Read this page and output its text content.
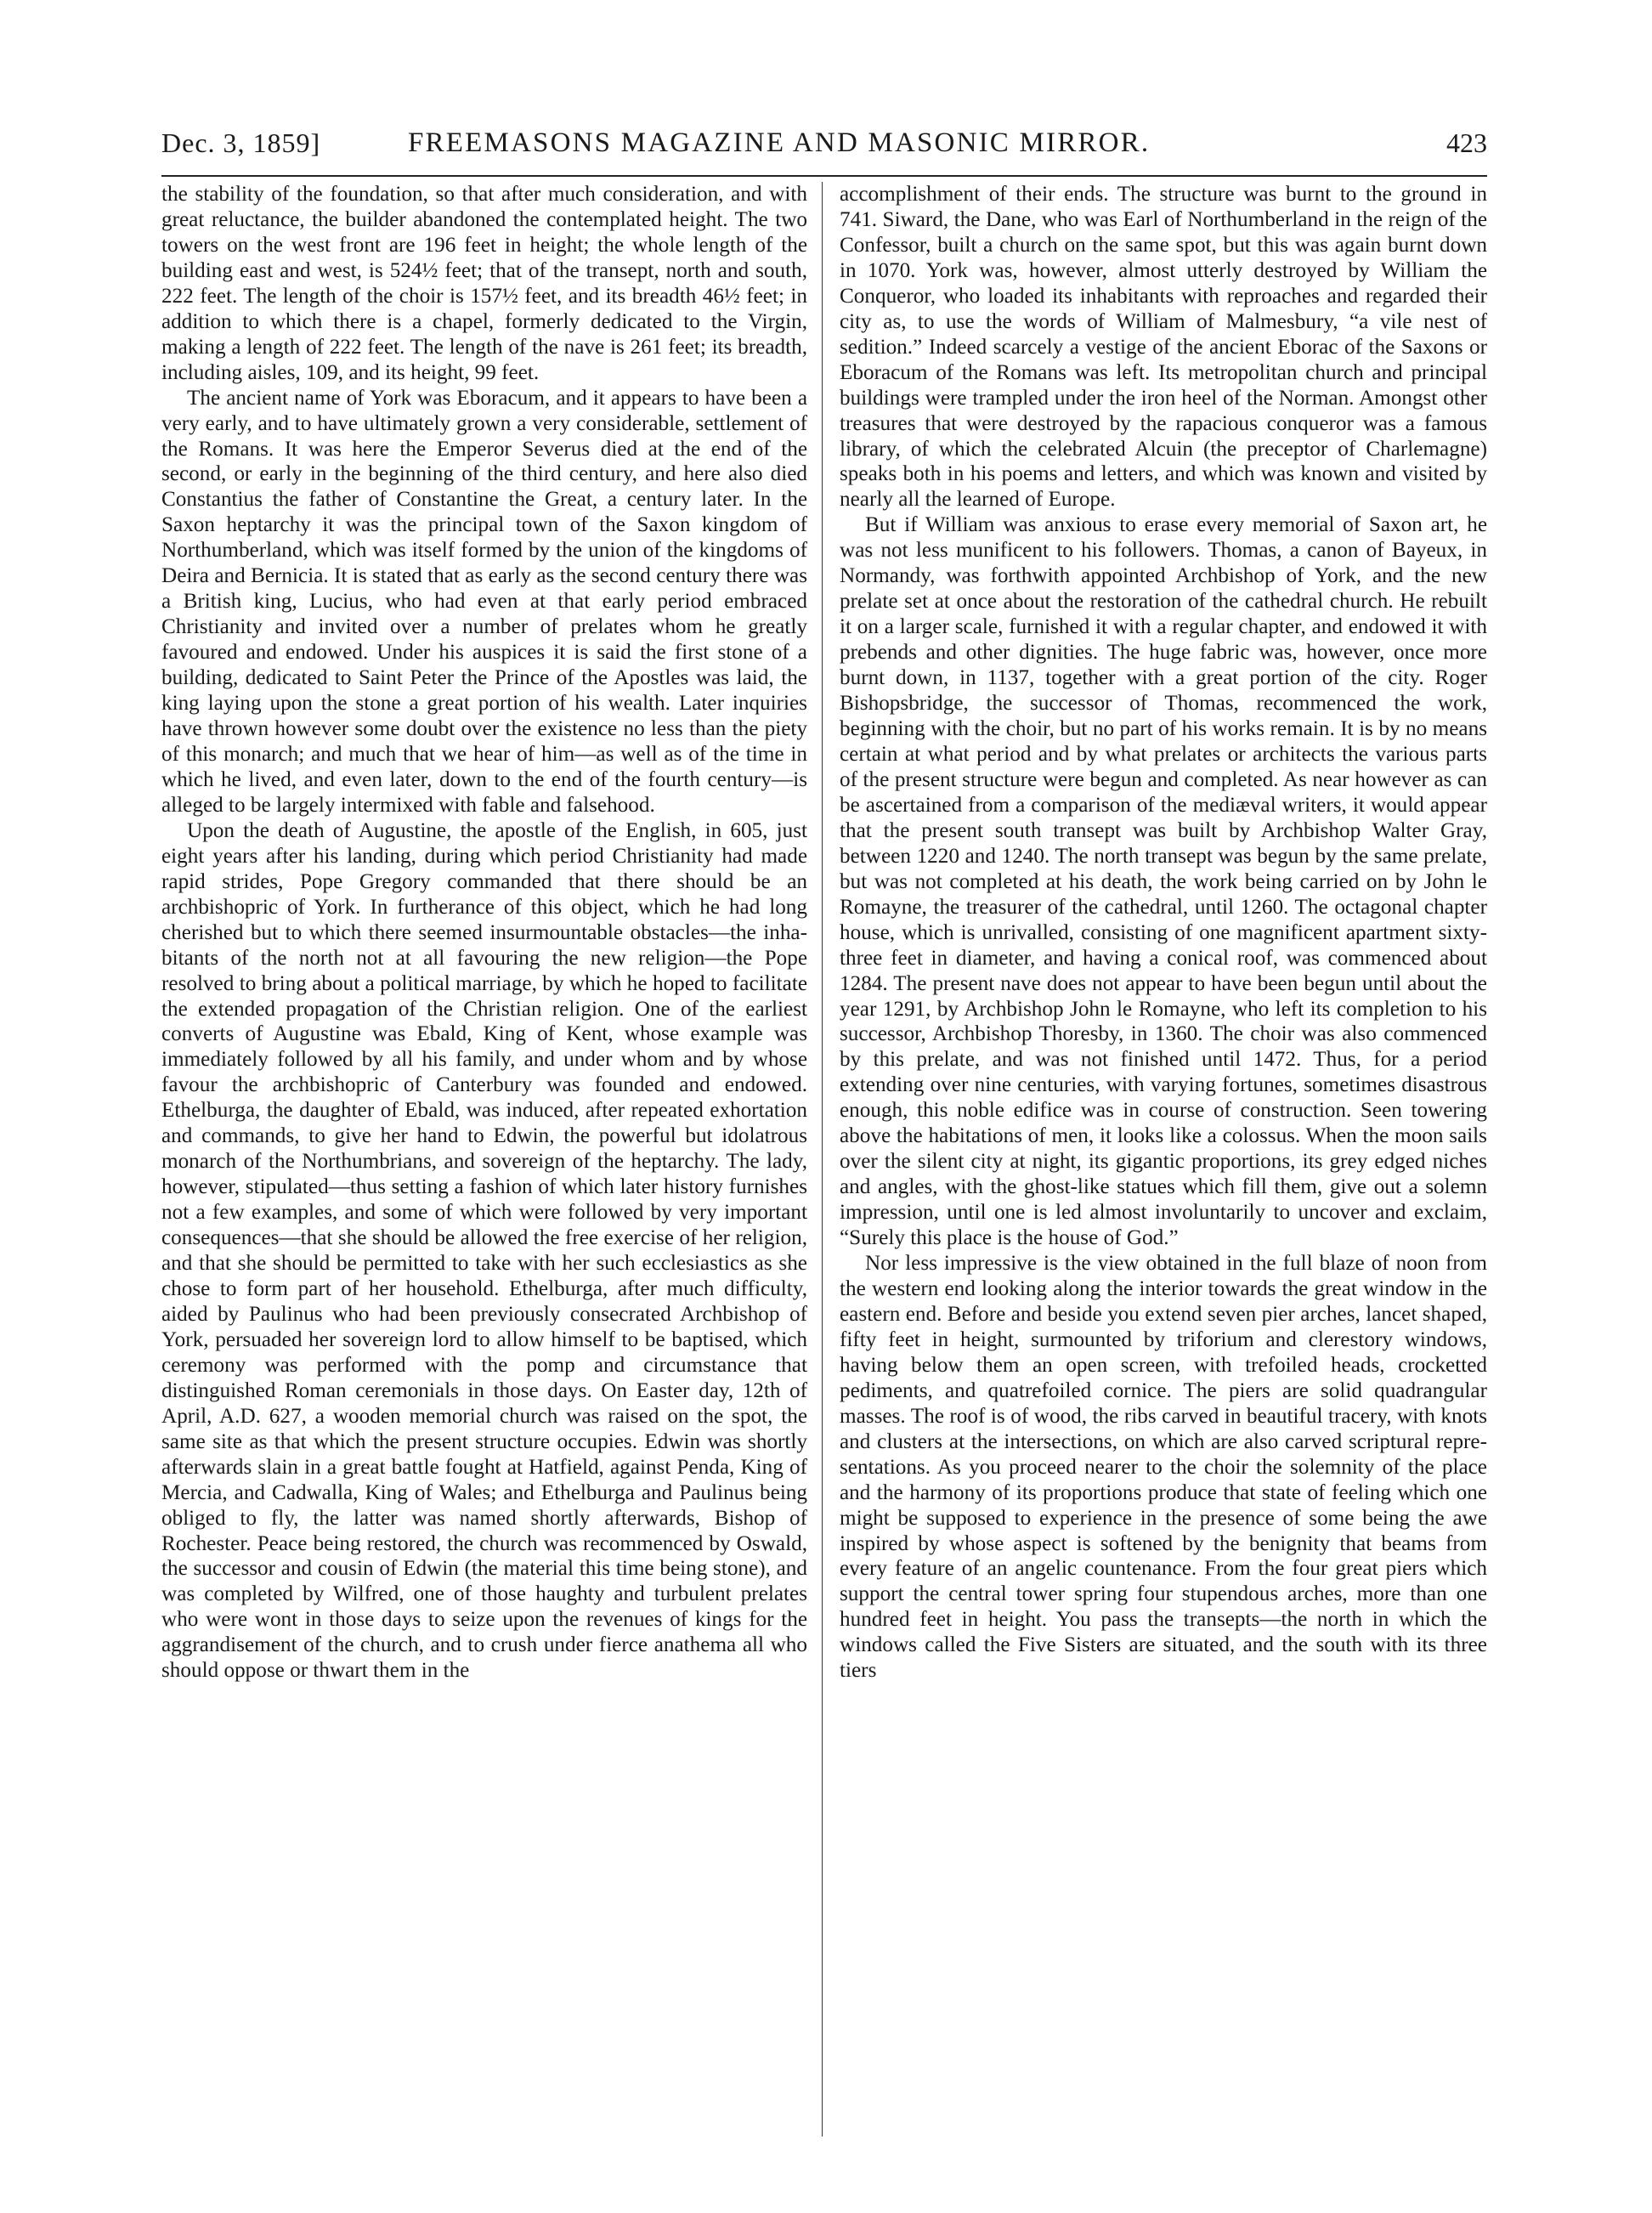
Dec. 3, 1859]	FREEMASONS MAGAZINE AND MASONIC MIRROR.	423

the stability of the foundation, so that after much consideration, and with great reluctance, the builder abandoned the contemplated height. The two towers on the west front are 196 feet in height; the whole length of the building east and west, is 524½ feet; that of the transept, north and south, 222 feet. The length of the choir is 157½ feet, and its breadth 46½ feet; in addition to which there is a chapel, formerly dedicated to the Virgin, making a length of 222 feet. The length of the nave is 261 feet; its breadth, including aisles, 109, and its height, 99 feet.

The ancient name of York was Eboracum, and it appears to have been a very early, and to have ultimately grown a very considerable, settlement of the Romans. It was here the Emperor Severus died at the end of the second, or early in the beginning of the third century, and here also died Constantius the father of Constantine the Great, a century later. In the Saxon heptarchy it was the principal town of the Saxon kingdom of Northumberland, which was itself formed by the union of the kingdoms of Deira and Bernicia. It is stated that as early as the second century there was a British king, Lucius, who had even at that early period embraced Christianity and invited over a number of prelates whom he greatly favoured and endowed. Under his auspices it is said the first stone of a building, dedicated to Saint Peter the Prince of the Apostles was laid, the king laying upon the stone a great portion of his wealth. Later inquiries have thrown however some doubt over the existence no less than the piety of this monarch; and much that we hear of him—as well as of the time in which he lived, and even later, down to the end of the fourth century—is alleged to be largely intermixed with fable and falsehood.

Upon the death of Augustine, the apostle of the English, in 605, just eight years after his landing, during which period Christianity had made rapid strides, Pope Gregory commanded that there should be an archbishopric of York. In furtherance of this object, which he had long cherished but to which there seemed insurmountable obstacles—the inhabitants of the north not at all favouring the new religion—the Pope resolved to bring about a political marriage, by which he hoped to facilitate the extended propagation of the Christian religion. One of the earliest converts of Augustine was Ebald, King of Kent, whose example was immediately followed by all his family, and under whom and by whose favour the archbishopric of Canterbury was founded and endowed. Ethelburga, the daughter of Ebald, was induced, after repeated exhortation and commands, to give her hand to Edwin, the powerful but idolatrous monarch of the Northumbrians, and sovereign of the heptarchy. The lady, however, stipulated—thus setting a fashion of which later history furnishes not a few examples, and some of which were followed by very important consequences—that she should be allowed the free exercise of her religion, and that she should be permitted to take with her such ecclesiastics as she chose to form part of her household. Ethelburga, after much difficulty, aided by Paulinus who had been previously consecrated Archbishop of York, persuaded her sovereign lord to allow himself to be baptised, which ceremony was performed with the pomp and circumstance that distinguished Roman ceremonials in those days. On Easter day, 12th of April, A.D. 627, a wooden memorial church was raised on the spot, the same site as that which the present structure occupies. Edwin was shortly afterwards slain in a great battle fought at Hatfield, against Penda, King of Mercia, and Cadwalla, King of Wales; and Ethelburga and Paulinus being obliged to fly, the latter was named shortly afterwards, Bishop of Rochester. Peace being restored, the church was recommenced by Oswald, the successor and cousin of Edwin (the material this time being stone), and was completed by Wilfred, one of those haughty and turbulent prelates who were wont in those days to seize upon the revenues of kings for the aggrandisement of the church, and to crush under fierce anathema all who should oppose or thwart them in the

accomplishment of their ends. The structure was burnt to the ground in 741. Siward, the Dane, who was Earl of Northumberland in the reign of the Confessor, built a church on the same spot, but this was again burnt down in 1070. York was, however, almost utterly destroyed by William the Conqueror, who loaded its inhabitants with reproaches and regarded their city as, to use the words of William of Malmesbury, “a vile nest of sedition.” Indeed scarcely a vestige of the ancient Eborac of the Saxons or Eboracum of the Romans was left. Its metropolitan church and principal buildings were trampled under the iron heel of the Norman. Amongst other treasures that were destroyed by the rapacious conqueror was a famous library, of which the celebrated Alcuin (the preceptor of Charlemagne) speaks both in his poems and letters, and which was known and visited by nearly all the learned of Europe.

But if William was anxious to erase every memorial of Saxon art, he was not less munificent to his followers. Thomas, a canon of Bayeux, in Normandy, was forthwith appointed Archbishop of York, and the new prelate set at once about the restoration of the cathedral church. He rebuilt it on a larger scale, furnished it with a regular chapter, and endowed it with prebends and other dignities. The huge fabric was, however, once more burnt down, in 1137, together with a great portion of the city. Roger Bishopsbridge, the successor of Thomas, recommenced the work, beginning with the choir, but no part of his works remain. It is by no means certain at what period and by what prelates or architects the various parts of the present structure were begun and completed. As near however as can be ascertained from a comparison of the mediæval writers, it would appear that the present south transept was built by Archbishop Walter Gray, between 1220 and 1240. The north transept was begun by the same prelate, but was not completed at his death, the work being carried on by John le Romayne, the treasurer of the cathedral, until 1260. The octagonal chapter house, which is unrivalled, consisting of one magnificent apartment sixty-three feet in diameter, and having a conical roof, was commenced about 1284. The present nave does not appear to have been begun until about the year 1291, by Archbishop John le Romayne, who left its completion to his successor, Archbishop Thoresby, in 1360. The choir was also commenced by this prelate, and was not finished until 1472. Thus, for a period extending over nine centuries, with varying fortunes, sometimes disastrous enough, this noble edifice was in course of construction. Seen towering above the habitations of men, it looks like a colossus. When the moon sails over the silent city at night, its gigantic proportions, its grey edged niches and angles, with the ghost-like statues which fill them, give out a solemn impression, until one is led almost involuntarily to uncover and exclaim, “Surely this place is the house of God.”

Nor less impressive is the view obtained in the full blaze of noon from the western end looking along the interior towards the great window in the eastern end. Before and beside you extend seven pier arches, lancet shaped, fifty feet in height, surmounted by triforium and clerestory windows, having below them an open screen, with trefoiled heads, crocketted pediments, and quatrefoiled cornice. The piers are solid quadrangular masses. The roof is of wood, the ribs carved in beautiful tracery, with knots and clusters at the intersections, on which are also carved scriptural representations. As you proceed nearer to the choir the solemnity of the place and the harmony of its proportions produce that state of feeling which one might be supposed to experience in the presence of some being the awe inspired by whose aspect is softened by the benignity that beams from every feature of an angelic countenance. From the four great piers which support the central tower spring four stupendous arches, more than one hundred feet in height. You pass the transepts—the north in which the windows called the Five Sisters are situated, and the south with its three tiers
